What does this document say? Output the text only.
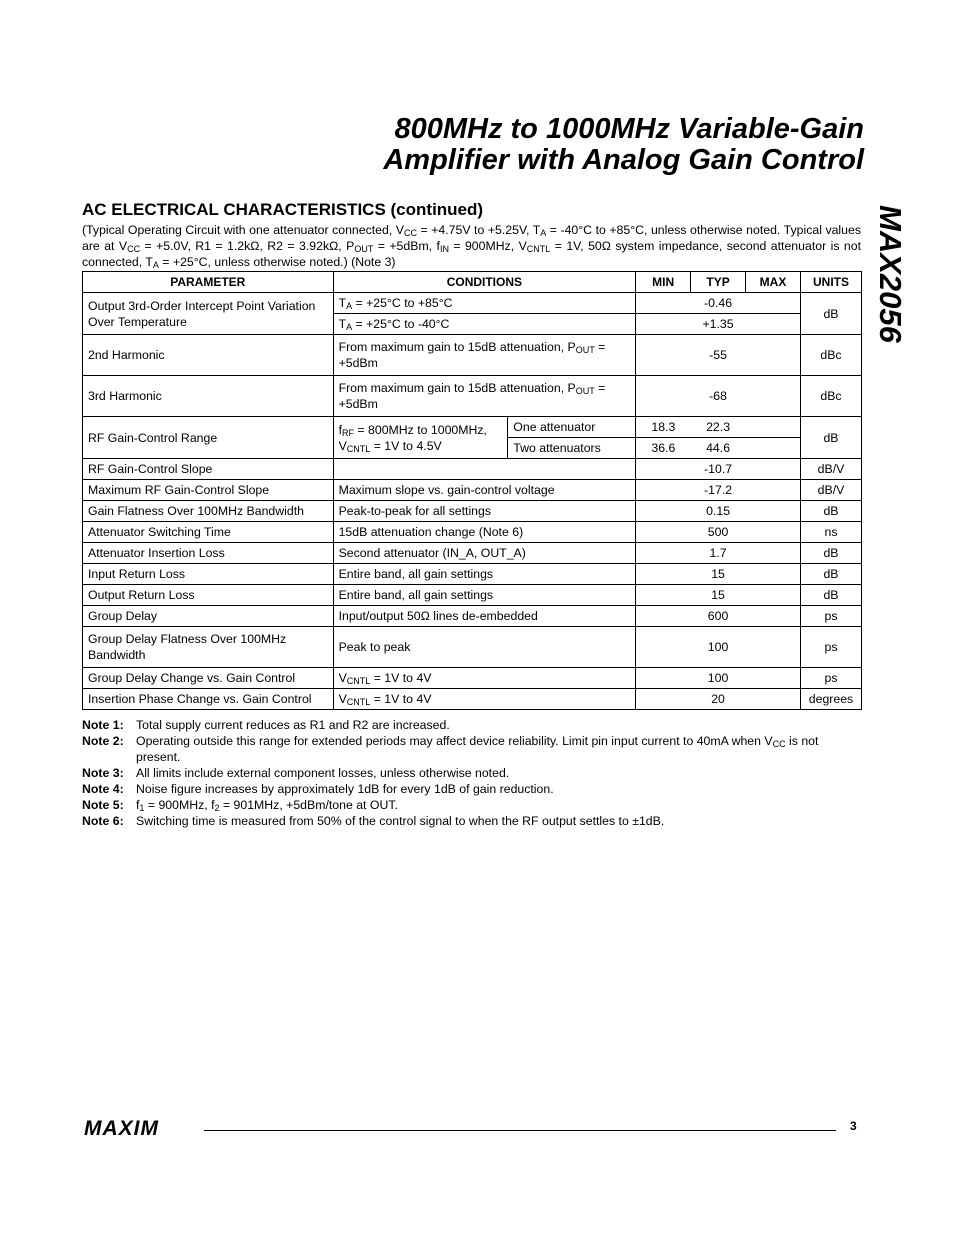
800MHz to 1000MHz Variable-Gain
Amplifier with Analog Gain Control
MAX2056
AC ELECTRICAL CHARACTERISTICS (continued)
(Typical Operating Circuit with one attenuator connected, $V_{CC} = +4.75V$ to +5.25V, $T_A = -40^\circ C$ to +85°C, unless otherwise noted. Typical values are at $V_{CC} = +5.0V$, R1 = 1.2kΩ, R2 = 3.92kΩ, $P_{OUT} = +5dBm$, $f_{IN} = 900MHz$, $V_{CNTL} = 1V$, 50Ω system impedance, second attenuator is not connected, $T_A = +25^\circ C$, unless otherwise noted.) (Note 3)
PARAMETER	CONDITIONS		MIN	TYP	MAX	UNITS
Output 3rd-Order Intercept Point Variation Over Temperature	$T_A = +25^\circ C$ to +85°C		-0.46			dB
	$T_A = +25^\circ C$ to -40°C		+1.35			
2nd Harmonic	From maximum gain to 15dB attenuation, $P_{OUT} = +5dBm$		-55			dBc
3rd Harmonic	From maximum gain to 15dB attenuation, $P_{OUT} = +5dBm$		-68			dBc
RF Gain-Control Range	$f_{RF} = 800MHz$ to 1000MHz, $V_{CNTL} = 1V$ to 4.5V	One attenuator	18.3	22.3		dB
		Two attenuators	36.6	44.6		
RF Gain-Control Slope			-10.7			dB/V
Maximum RF Gain-Control Slope	Maximum slope vs. gain-control voltage		-17.2			dB/V
Gain Flatness Over 100MHz Bandwidth	Peak-to-peak for all settings		0.15			dB
Attenuator Switching Time	15dB attenuation change (Note 6)		500			ns
Attenuator Insertion Loss	Second attenuator (IN_A, OUT_A)		1.7			dB
Input Return Loss	Entire band, all gain settings		15			dB
Output Return Loss	Entire band, all gain settings		15			dB
Group Delay	Input/output 50Ω lines de-embedded		600			ps
Group Delay Flatness Over 100MHz Bandwidth	Peak to peak		100			ps
Group Delay Change vs. Gain Control	$V_{CNTL} = 1V$ to 4V		100			ps
Insertion Phase Change vs. Gain Control	$V_{CNTL} = 1V$ to 4V		20			degrees
Note 1:	Total supply current reduces as R1 and R2 are increased.
Note 2:	Operating outside this range for extended periods may affect device reliability. Limit pin input current to 40mA when $V_{CC}$ is not present.
Note 3:	All limits include external component losses, unless otherwise noted.
Note 4:	Noise figure increases by approximately 1dB for every 1dB of gain reduction.
Note 5:	$f_1 = 900MHz$, $f_2 = 901MHz$, +5dBm/tone at OUT.
Note 6:	Switching time is measured from 50% of the control signal to when the RF output settles to ±1dB.
MAXIM	3
